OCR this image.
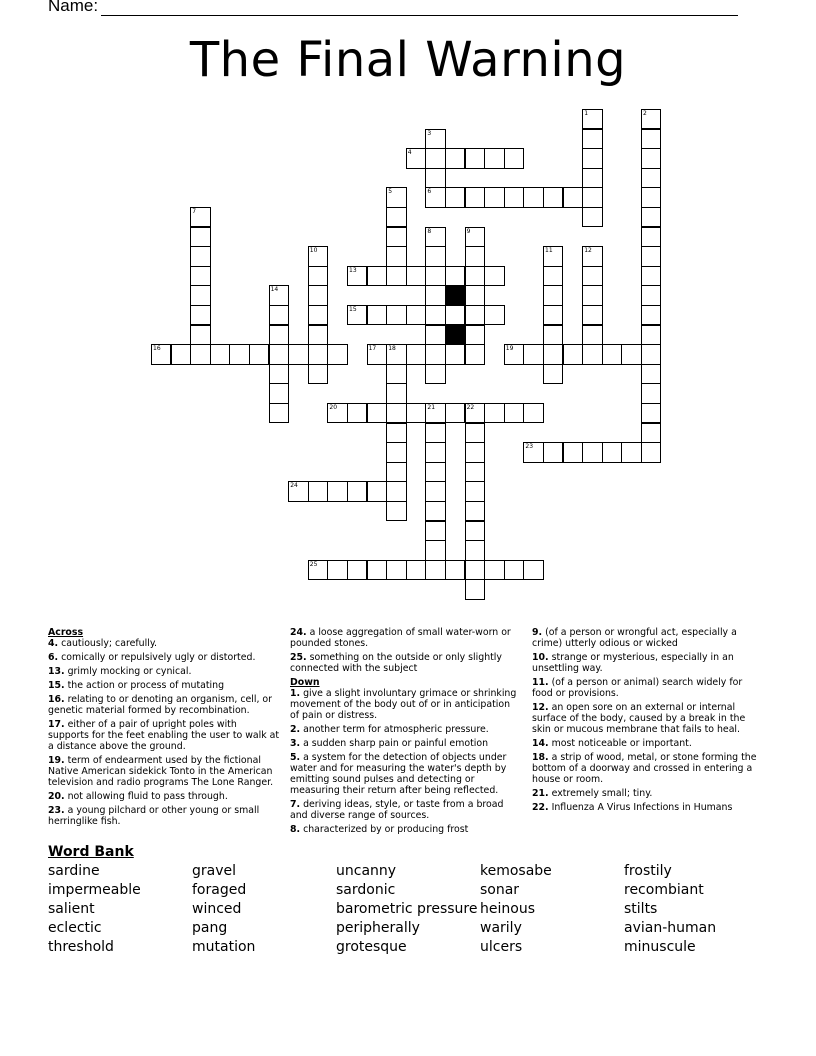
Name:
The Final Warning
1	2
3
6
4
5
7
8	9
10	11	12
13
14
15
16	17 18	19
20	21	22
23
24
25
Across
4. cautiously; carefully.
6. comically or repulsively ugly or distorted.
13. grimly mocking or cynical.
15. the action or process of mutating
16. relating to or denoting an organism, cell, or genetic material formed by recombination.
17. either of a pair of upright poles with supports for the feet enabling the user to walk at a distance above the ground.
19. term of endearment used by the fictional Native American sidekick Tonto in the American television and radio programs The Lone Ranger.
20. not allowing fluid to pass through.
23. a young pilchard or other young or small herringlike fish.
24. a loose aggregation of small water-worn or pounded stones.
25. something on the outside or only slightly connected with the subject
Down
1. give a slight involuntary grimace or shrinking movement of the body out of or in anticipation of pain or distress.
2. another term for atmospheric pressure.
3. a sudden sharp pain or painful emotion
5. a system for the detection of objects under water and for measuring the water's depth by emitting sound pulses and detecting or measuring their return after being reflected.
7. deriving ideas, style, or taste from a broad and diverse range of sources.
8. characterized by or producing frost
9. (of a person or wrongful act, especially a crime) utterly odious or wicked
10. strange or mysterious, especially in an unsettling way.
11. (of a person or animal) search widely for food or provisions.
12. an open sore on an external or internal surface of the body, caused by a break in the skin or mucous membrane that fails to heal.
14. most noticeable or important.
18. a strip of wood, metal, or stone forming the bottom of a doorway and crossed in entering a house or room.
21. extremely small; tiny.
22. Influenza A Virus Infections in Humans
Word Bank
sardine
impermeable
salient
eclectic
threshold
gravel
foraged
winced
pang
mutation
uncanny
sardonic
barometric pressure
peripherally
grotesque
kemosabe
sonar
heinous
warily
ulcers
frostily
recombiant
stilts
avian-human
minuscule
